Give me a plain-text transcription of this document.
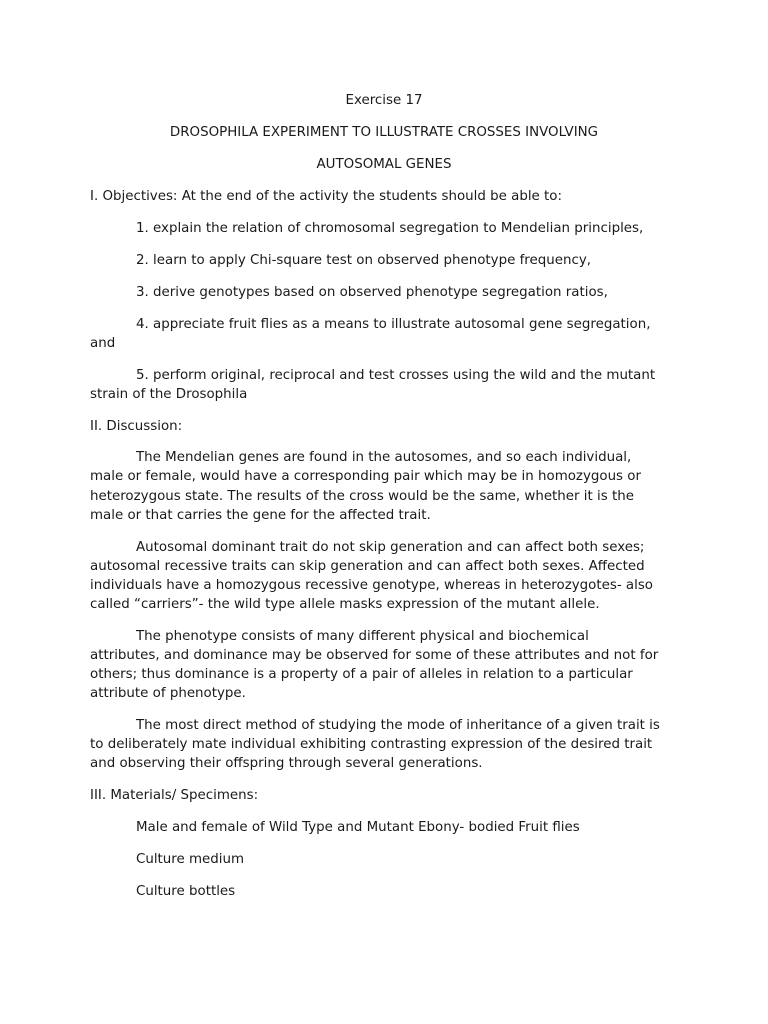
Exercise 17

DROSOPHILA EXPERIMENT TO ILLUSTRATE CROSSES INVOLVING

AUTOSOMAL GENES

I. Objectives: At the end of the activity the students should be able to:

1. explain the relation of chromosomal segregation to Mendelian principles,

2. learn to apply Chi-square test on observed phenotype frequency,

3. derive genotypes based on observed phenotype segregation ratios,

4. appreciate fruit flies as a means to illustrate autosomal gene segregation,

and

5. perform original, reciprocal and test crosses using the wild and the mutant

strain of the Drosophila

II. Discussion:

The Mendelian genes are found in the autosomes, and so each individual,

male or female, would have a corresponding pair which may be in homozygous or

heterozygous state. The results of the cross would be the same, whether it is the

male or that carries the gene for the affected trait.

Autosomal dominant trait do not skip generation and can affect both sexes;

autosomal recessive traits can skip generation and can affect both sexes. Affected

individuals have a homozygous recessive genotype, whereas in heterozygotes- also

called “carriers”- the wild type allele masks expression of the mutant allele.

The phenotype consists of many different physical and biochemical

attributes, and dominance may be observed for some of these attributes and not for

others; thus dominance is a property of a pair of alleles in relation to a particular

attribute of phenotype.

The most direct method of studying the mode of inheritance of a given trait is

to deliberately mate individual exhibiting contrasting expression of the desired trait

and observing their offspring through several generations.

III. Materials/ Specimens:

Male and female of Wild Type and Mutant Ebony- bodied Fruit flies

Culture medium

Culture bottles
